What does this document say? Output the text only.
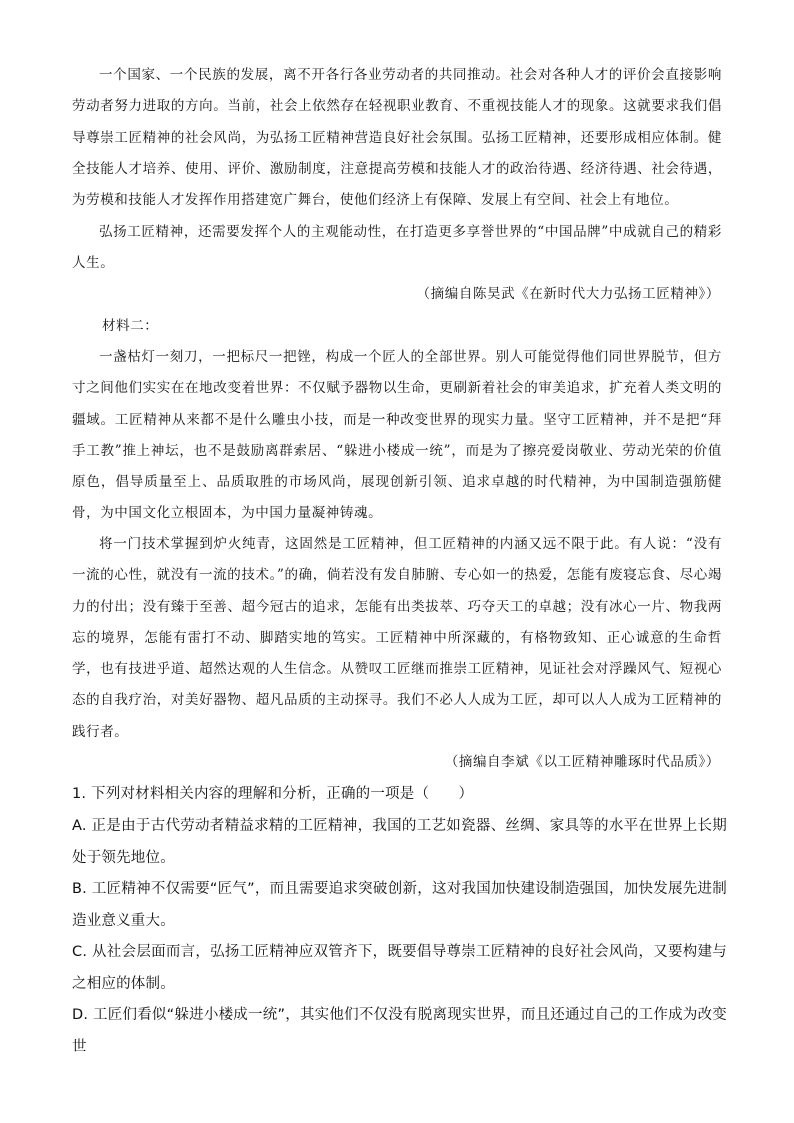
一个国家、一个民族的发展，离不开各行各业劳动者的共同推动。社会对各种人才的评价会直接影响劳动者努力进取的方向。当前，社会上依然存在轻视职业教育、不重视技能人才的现象。这就要求我们倡导尊崇工匠精神的社会风尚，为弘扬工匠精神营造良好社会氛围。弘扬工匠精神，还要形成相应体制。健全技能人才培养、使用、评价、激励制度，注意提高劳模和技能人才的政治待遇、经济待遇、社会待遇，为劳模和技能人才发挥作用搭建宽广舞台，使他们经济上有保障、发展上有空间、社会上有地位。

弘扬工匠精神，还需要发挥个人的主观能动性，在打造更多享誉世界的“中国品牌”中成就自己的精彩人生。

（摘编自陈昊武《在新时代大力弘扬工匠精神》）

材料二：

一盏枯灯一刻刀，一把标尺一把锉，构成一个匠人的全部世界。别人可能觉得他们同世界脱节，但方寸之间他们实实在在地改变着世界：不仅赋予器物以生命，更刷新着社会的审美追求，扩充着人类文明的疆域。工匠精神从来都不是什么雕虫小技，而是一种改变世界的现实力量。坚守工匠精神，并不是把“拜手工教”推上神坛，也不是鼓励离群索居、“躲进小楼成一统”，而是为了擦亮爱岗敬业、劳动光荣的价值原色，倡导质量至上、品质取胜的市场风尚，展现创新引领、追求卓越的时代精神，为中国制造强筋健骨，为中国文化立根固本，为中国力量凝神铸魂。

将一门技术掌握到炉火纯青，这固然是工匠精神，但工匠精神的内涵又远不限于此。有人说：“没有一流的心性，就没有一流的技术。”的确，倘若没有发自肺腑、专心如一的热爱，怎能有废寝忘食、尽心竭力的付出；没有臻于至善、超今冠古的追求，怎能有出类拔萃、巧夺天工的卓越；没有冰心一片、物我两忘的境界，怎能有雷打不动、脚踏实地的笃实。工匠精神中所深藏的，有格物致知、正心诚意的生命哲学，也有技进乎道、超然达观的人生信念。从赞叹工匠继而推崇工匠精神，见证社会对浮躁风气、短视心态的自我疗治，对美好器物、超凡品质的主动探寻。我们不必人人成为工匠，却可以人人成为工匠精神的践行者。

（摘编自李斌《以工匠精神雕琢时代品质》）

1. 下列对材料相关内容的理解和分析，正确的一项是（　　）

A. 正是由于古代劳动者精益求精的工匠精神，我国的工艺如瓷器、丝绸、家具等的水平在世界上长期处于领先地位。

B. 工匠精神不仅需要“匠气”，而且需要追求突破创新，这对我国加快建设制造强国，加快发展先进制造业意义重大。

C. 从社会层面而言，弘扬工匠精神应双管齐下，既要倡导尊崇工匠精神的良好社会风尚，又要构建与之相应的体制。

D. 工匠们看似“躲进小楼成一统”，其实他们不仅没有脱离现实世界，而且还通过自己的工作成为改变世
